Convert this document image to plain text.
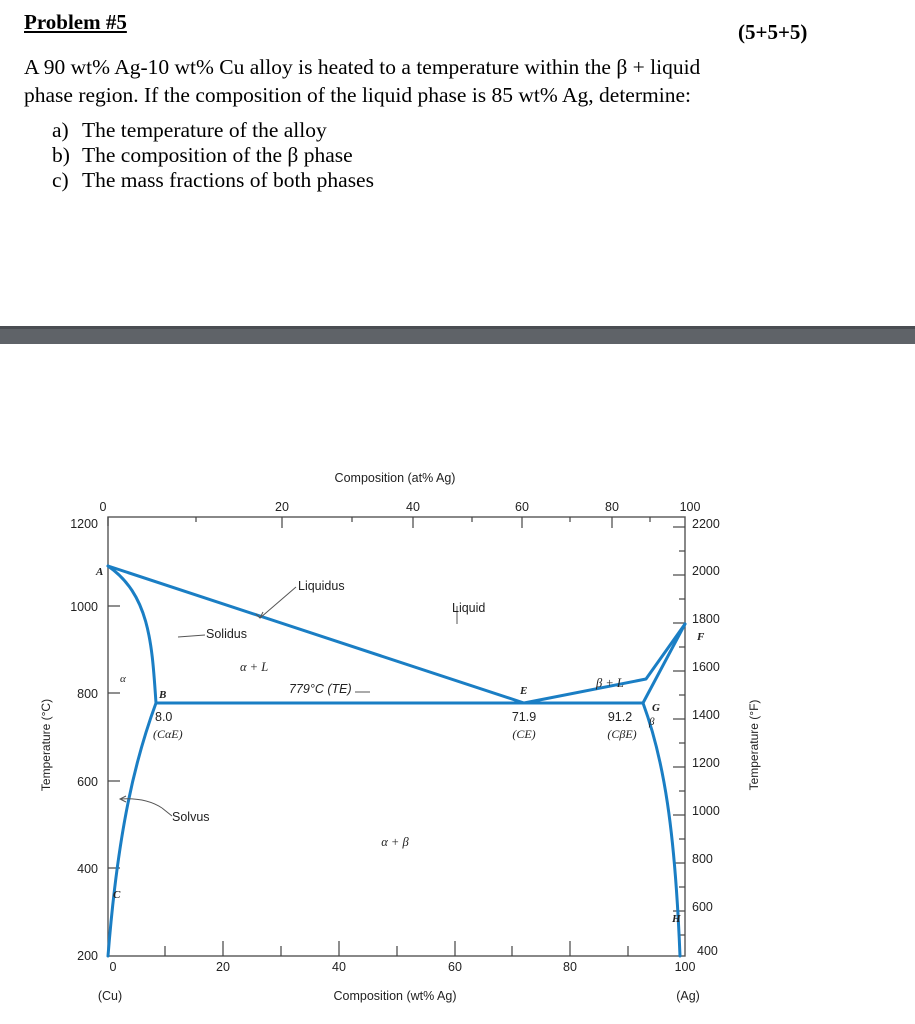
Problem #5	(5+5+5)

A 90 wt% Ag-10 wt% Cu alloy is heated to a temperature within the β + liquid
phase region. If the composition of the liquid phase is 85 wt% Ag, determine:

a) The temperature of the alloy
b) The composition of the β phase
c) The mass fractions of both phases
Composition (at% Ag)
Composition (wt% Ag)
Temperature (°C)	Temperature (°F)
0	20	40	60	80	100
0	20	40	60	80	100
1200
1000
800
600
400
200
2200
2000
1800
1600
1400
1200
1000
800
600
400
A
Liquidus
Liquid
Solidus	F
α
α + L
779°C (TE)	E
β + L
B
G
β
8.0
(CαE)
71.9
(CE)
91.2
(CβE)
Solvus
α + β
C
H
(Cu)	(Ag)
